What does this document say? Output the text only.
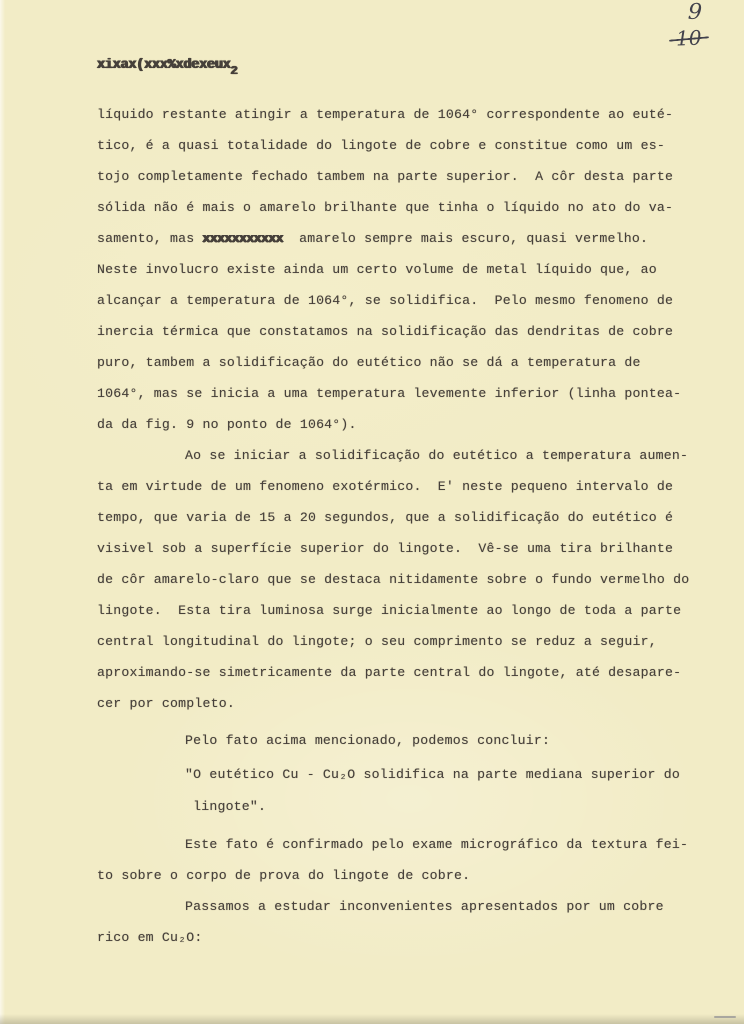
9
10
xixax(xxx%xdexeux2
líquido restante atingir a temperatura de 1064° correspondente ao euté-
tico, é a quasi totalidade do lingote de cobre e constitue como um es-
tojo completamente fechado tambem na parte superior.  A côr desta parte
sólida não é mais o amarelo brilhante que tinha o líquido no ato do va-
samento, mas xxxxxxxxxxx  amarelo sempre mais escuro, quasi vermelho.
Neste involucro existe ainda um certo volume de metal líquido que, ao
alcançar a temperatura de 1064°, se solidifica.  Pelo mesmo fenomeno de
inercia térmica que constatamos na solidificação das dendritas de cobre
puro, tambem a solidificação do eutético não se dá a temperatura de
1064°, mas se inicia a uma temperatura levemente inferior (linha pontea-
da da fig. 9 no ponto de 1064°).
Ao se iniciar a solidificação do eutético a temperatura aumen-
ta em virtude de um fenomeno exotérmico.  E' neste pequeno intervalo de
tempo, que varia de 15 a 20 segundos, que a solidificação do eutético é
visivel sob a superfície superior do lingote.  Vê-se uma tira brilhante
de côr amarelo-claro que se destaca nitidamente sobre o fundo vermelho do
lingote.  Esta tira luminosa surge inicialmente ao longo de toda a parte
central longitudinal do lingote; o seu comprimento se reduz a seguir,
aproximando-se simetricamente da parte central do lingote, até desapare-
cer por completo.
Pelo fato acima mencionado, podemos concluir:
"O eutético Cu - Cu₂O solidifica na parte mediana superior do
lingote".
Este fato é confirmado pelo exame micrográfico da textura fei-
to sobre o corpo de prova do lingote de cobre.
Passamos a estudar inconvenientes apresentados por um cobre
rico em Cu₂O:
